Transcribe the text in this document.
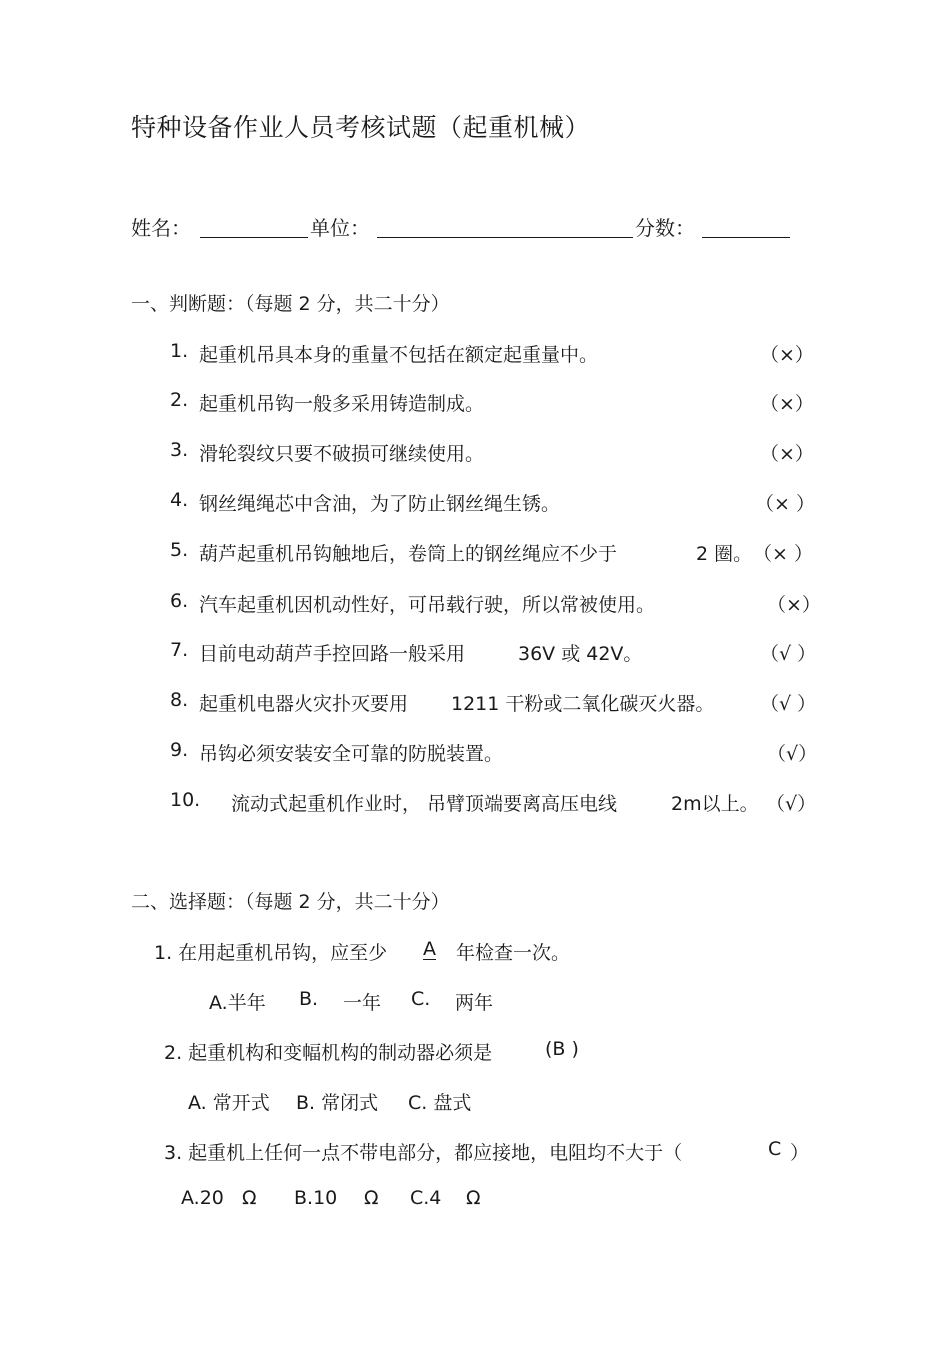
特种设备作业人员考核试题（起重机械）
姓名：	单位：	分数：
一、判断题：（每题 2 分，共二十分）
1. 起重机吊具本身的重量不包括在额定起重量中。	（×）
2. 起重机吊钩一般多采用铸造制成。	（×）
3. 滑轮裂纹只要不破损可继续使用。	（×）
4. 钢丝绳绳芯中含油，为了防止钢丝绳生锈。	（× ）
5. 葫芦起重机吊钩触地后，卷筒上的钢丝绳应不少于	2 圈。 （× ）
6. 汽车起重机因机动性好，可吊载行驶，所以常被使用。	（×）
7. 目前电动葫芦手控回路一般采用	36V 或 42V。	（√ ）
8. 起重机电器火灾扑灭要用 1211 干粉或二氧化碳灭火器。 （√ ）
9. 吊钩必须安装安全可靠的防脱装置。	（√）
10. 流动式起重机作业时， 吊臂顶端要离高压电线	2m以上。 （√）
二、选择题：（每题 2 分，共二十分）
1. 在用起重机吊钩，应至少 A 年检查一次。
A.半年 B. 一年 C. 两年
2. 起重机构和变幅机构的制动器必须是	(B )
A. 常开式 B. 常闭式 C. 盘式
3. 起重机上任何一点不带电部分，都应接地，电阻均不大于（	C ）
A.20 Ω B.10 Ω C.4 Ω
